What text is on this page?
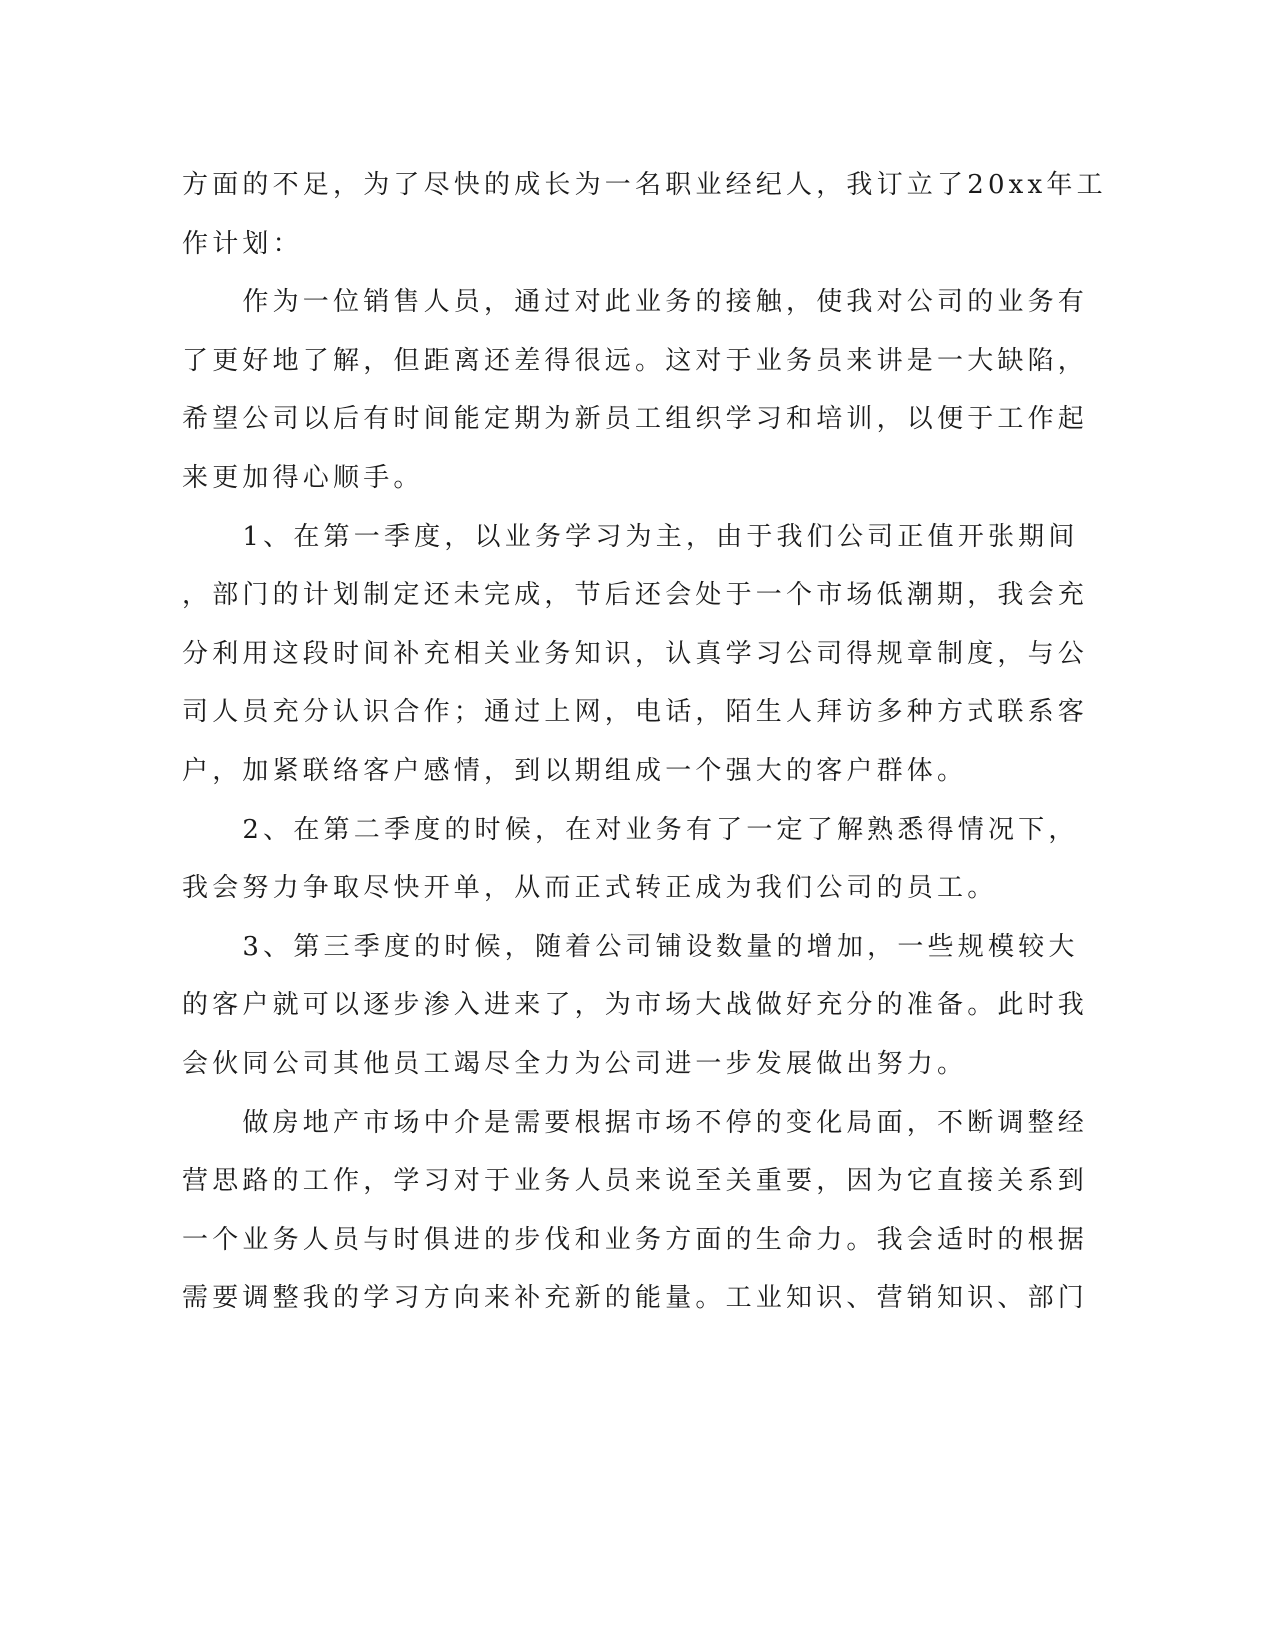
方面的不足，为了尽快的成长为一名职业经纪人，我订立了20xx年工
作计划：
　　作为一位销售人员，通过对此业务的接触，使我对公司的业务有
了更好地了解，但距离还差得很远。这对于业务员来讲是一大缺陷，
希望公司以后有时间能定期为新员工组织学习和培训，以便于工作起
来更加得心顺手。
　　1、在第一季度，以业务学习为主，由于我们公司正值开张期间
，部门的计划制定还未完成，节后还会处于一个市场低潮期，我会充
分利用这段时间补充相关业务知识，认真学习公司得规章制度，与公
司人员充分认识合作；通过上网，电话，陌生人拜访多种方式联系客
户，加紧联络客户感情，到以期组成一个强大的客户群体。
　　2、在第二季度的时候，在对业务有了一定了解熟悉得情况下，
我会努力争取尽快开单，从而正式转正成为我们公司的员工。
　　3、第三季度的时候，随着公司铺设数量的增加，一些规模较大
的客户就可以逐步渗入进来了，为市场大战做好充分的准备。此时我
会伙同公司其他员工竭尽全力为公司进一步发展做出努力。
　　做房地产市场中介是需要根据市场不停的变化局面，不断调整经
营思路的工作，学习对于业务人员来说至关重要，因为它直接关系到
一个业务人员与时俱进的步伐和业务方面的生命力。我会适时的根据
需要调整我的学习方向来补充新的能量。工业知识、营销知识、部门
